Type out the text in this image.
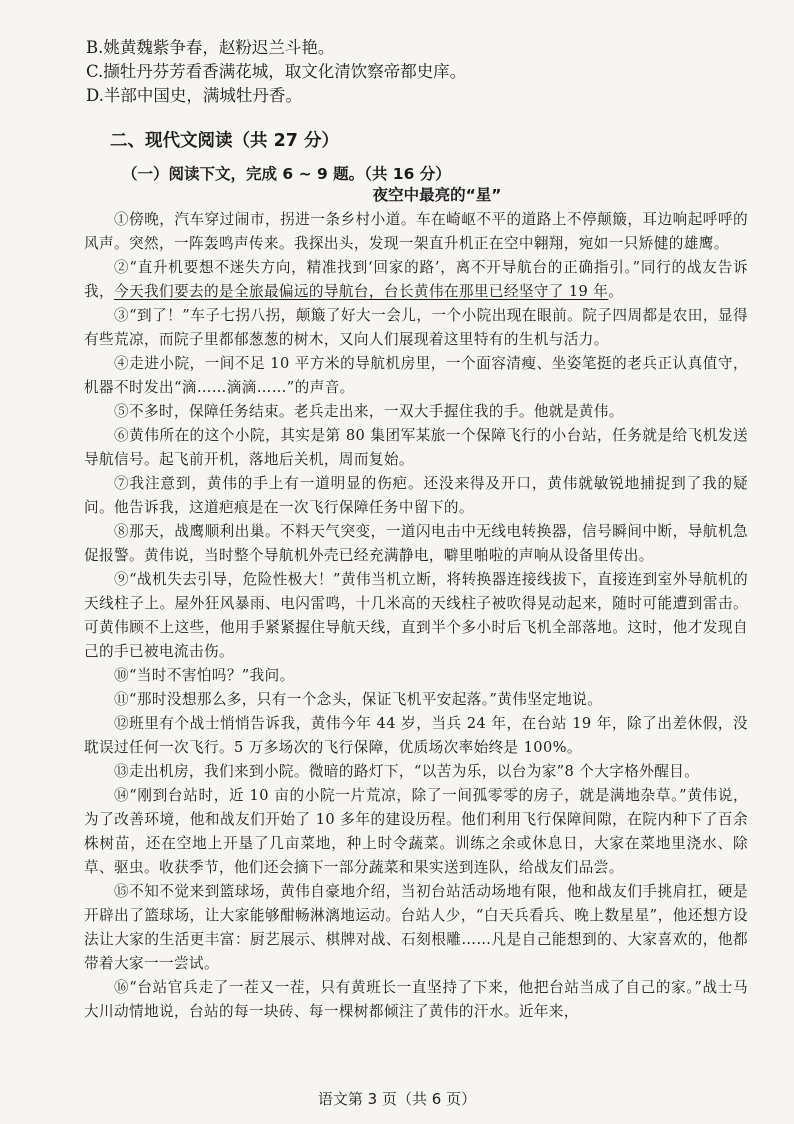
B.姚黄魏紫争春，赵粉迟兰斗艳。

C.撷牡丹芬芳看香满花城，取文化清饮察帝都史庠。

D.半部中国史，满城牡丹香。

二、现代文阅读（共 27 分）
（一）阅读下文，完成 6 ~ 9 题。（共 16 分）
夜空中最亮的“星”

①傍晚，汽车穿过闹市，拐进一条乡村小道。车在崎岖不平的道路上不停颠簸，耳边响起呼呼的风声。突然，一阵轰鸣声传来。我探出头，发现一架直升机正在空中翱翔，宛如一只矫健的雄鹰。

②“直升机要想不迷失方向，精准找到‘回家的路’，离不开导航台的正确指引。”同行的战友告诉我，今天我们要去的是全旅最偏远的导航台，台长黄伟在那里已经坚守了 19 年。

③“到了！”车子七拐八拐，颠簸了好大一会儿，一个小院出现在眼前。院子四周都是农田，显得有些荒凉，而院子里都郁葱葱的树木，又向人们展现着这里特有的生机与活力。

④走进小院，一间不足 10 平方米的导航机房里，一个面容清瘦、坐姿笔挺的老兵正认真值守，机器不时发出“滴……滴滴……”的声音。

⑤不多时，保障任务结束。老兵走出来，一双大手握住我的手。他就是黄伟。

⑥黄伟所在的这个小院，其实是第 80 集团军某旅一个保障飞行的小台站，任务就是给飞机发送导航信号。起飞前开机，落地后关机，周而复始。

⑦我注意到，黄伟的手上有一道明显的伤疤。还没来得及开口，黄伟就敏锐地捕捉到了我的疑问。他告诉我，这道疤痕是在一次飞行保障任务中留下的。

⑧那天，战鹰顺利出巢。不料天气突变，一道闪电击中无线电转换器，信号瞬间中断，导航机急促报警。黄伟说，当时整个导航机外壳已经充满静电，噼里啪啦的声响从设备里传出。

⑨“战机失去引导，危险性极大！”黄伟当机立断，将转换器连接线拔下，直接连到室外导航机的天线柱子上。屋外狂风暴雨、电闪雷鸣，十几米高的天线柱子被吹得晃动起来，随时可能遭到雷击。可黄伟顾不上这些，他用手紧紧握住导航天线，直到半个多小时后飞机全部落地。这时，他才发现自己的手已被电流击伤。

⑩“当时不害怕吗？”我问。

⑪“那时没想那么多，只有一个念头，保证飞机平安起落。”黄伟坚定地说。

⑫班里有个战士悄悄告诉我，黄伟今年 44 岁，当兵 24 年，在台站 19 年，除了出差休假，没耽误过任何一次飞行。5 万多场次的飞行保障，优质场次率始终是 100%。

⑬走出机房，我们来到小院。微暗的路灯下，“以苦为乐，以台为家”8 个大字格外醒目。

⑭“刚到台站时，近 10 亩的小院一片荒凉，除了一间孤零零的房子，就是满地杂草。”黄伟说，为了改善环境，他和战友们开始了 10 多年的建设历程。他们利用飞行保障间隙，在院内种下了百余株树苗，还在空地上开垦了几亩菜地，种上时令蔬菜。训练之余或休息日，大家在菜地里浇水、除草、驱虫。收获季节，他们还会摘下一部分蔬菜和果实送到连队，给战友们品尝。

⑮不知不觉来到篮球场，黄伟自豪地介绍，当初台站活动场地有限，他和战友们手挑肩扛，硬是开辟出了篮球场，让大家能够酣畅淋漓地运动。台站人少，“白天兵看兵、晚上数星星”，他还想方设法让大家的生活更丰富：厨艺展示、棋牌对战、石刻根雕……凡是自己能想到的、大家喜欢的，他都带着大家一一尝试。

⑯“台站官兵走了一茬又一茬，只有黄班长一直坚持了下来，他把台站当成了自己的家。”战士马大川动情地说，台站的每一块砖、每一棵树都倾注了黄伟的汗水。近年来，

语文第 3 页（共 6 页）
